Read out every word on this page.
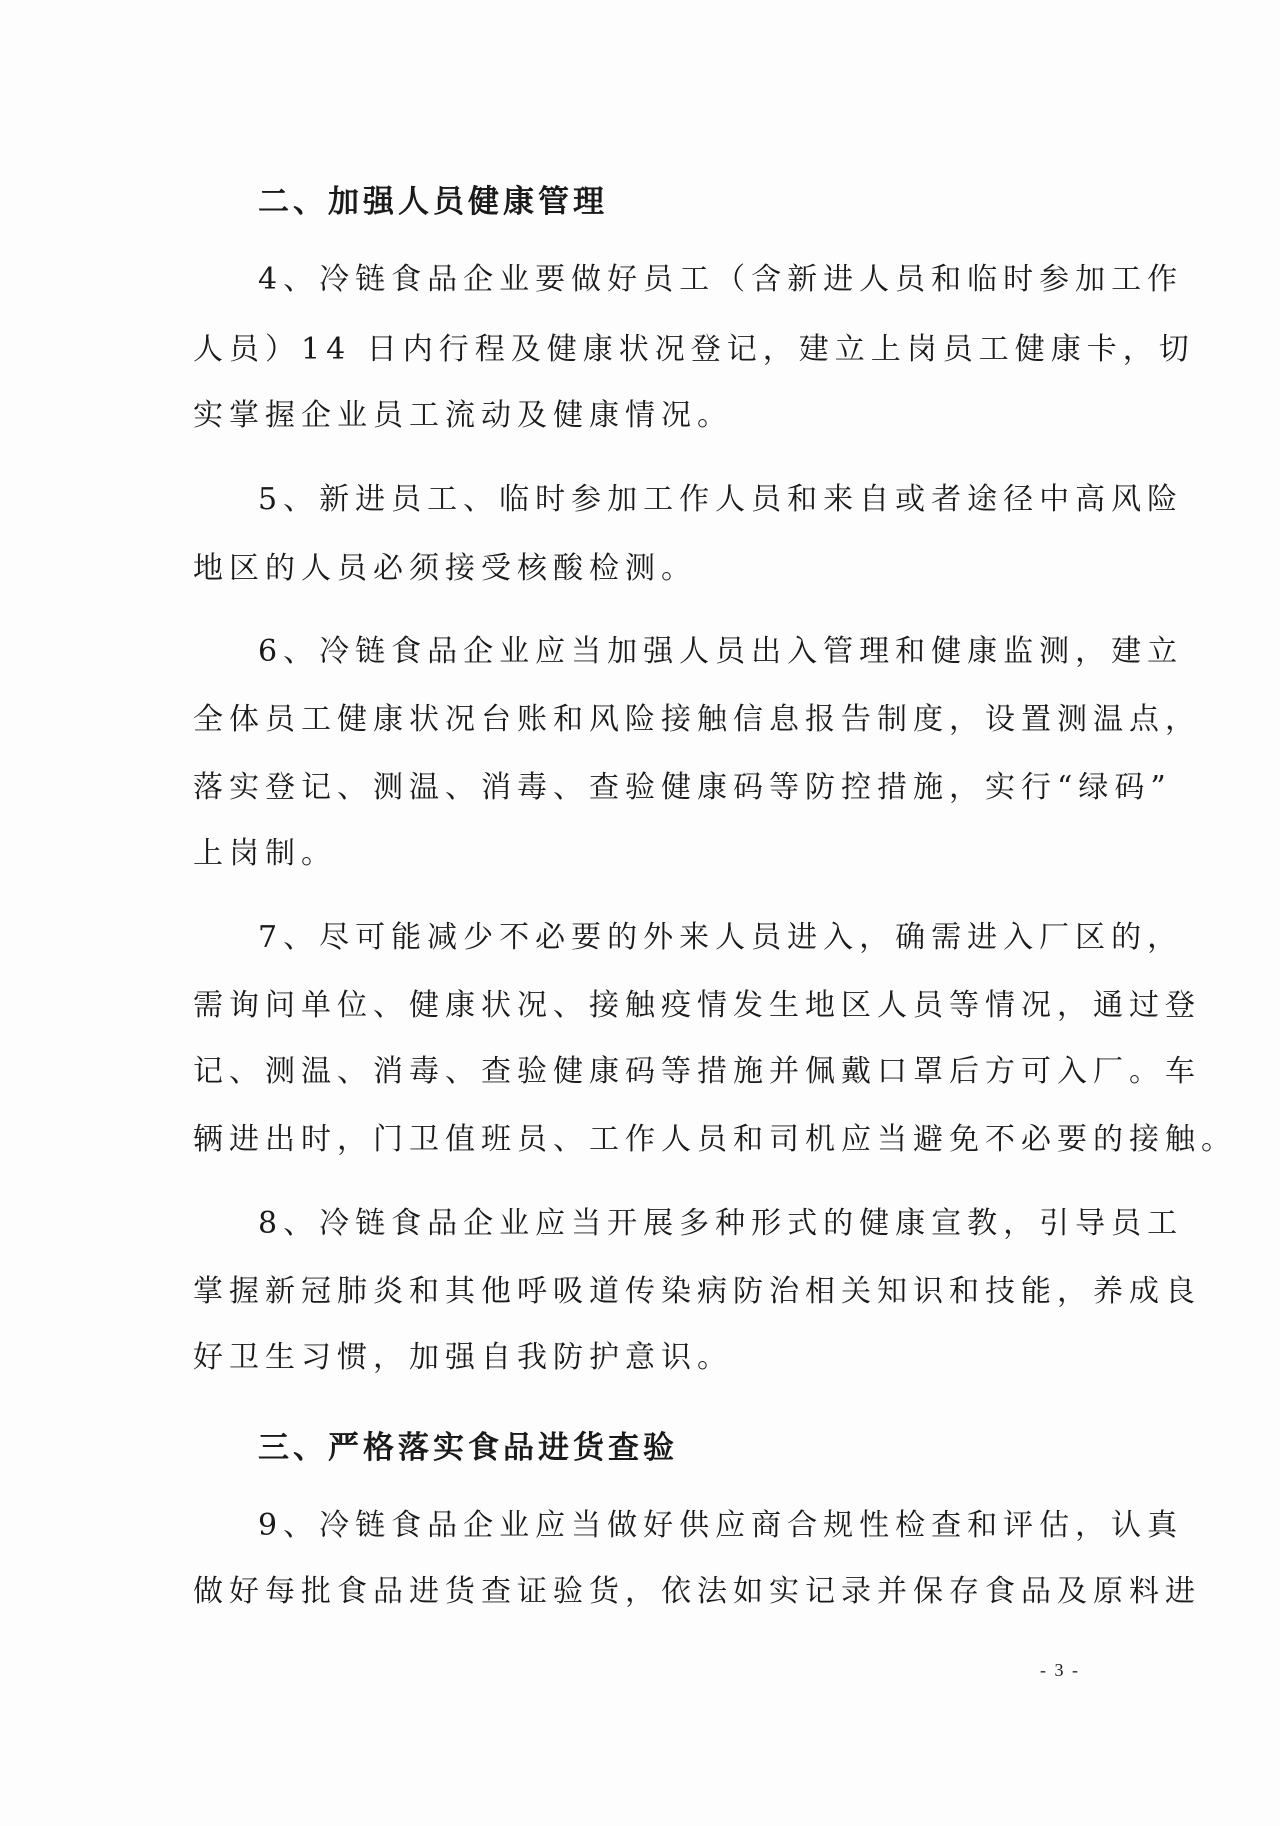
二、加强人员健康管理

4、冷链食品企业要做好员工（含新进人员和临时参加工作

人员）14 日内行程及健康状况登记，建立上岗员工健康卡，切

实掌握企业员工流动及健康情况。

5、新进员工、临时参加工作人员和来自或者途径中高风险

地区的人员必须接受核酸检测。

6、冷链食品企业应当加强人员出入管理和健康监测，建立

全体员工健康状况台账和风险接触信息报告制度，设置测温点，

落实登记、测温、消毒、查验健康码等防控措施，实行“绿码”

上岗制。

7、尽可能减少不必要的外来人员进入，确需进入厂区的，

需询问单位、健康状况、接触疫情发生地区人员等情况，通过登

记、测温、消毒、查验健康码等措施并佩戴口罩后方可入厂。车

辆进出时，门卫值班员、工作人员和司机应当避免不必要的接触。

8、冷链食品企业应当开展多种形式的健康宣教，引导员工

掌握新冠肺炎和其他呼吸道传染病防治相关知识和技能，养成良

好卫生习惯，加强自我防护意识。

三、严格落实食品进货查验

9、冷链食品企业应当做好供应商合规性检查和评估，认真

做好每批食品进货查证验货，依法如实记录并保存食品及原料进

- 3 -
